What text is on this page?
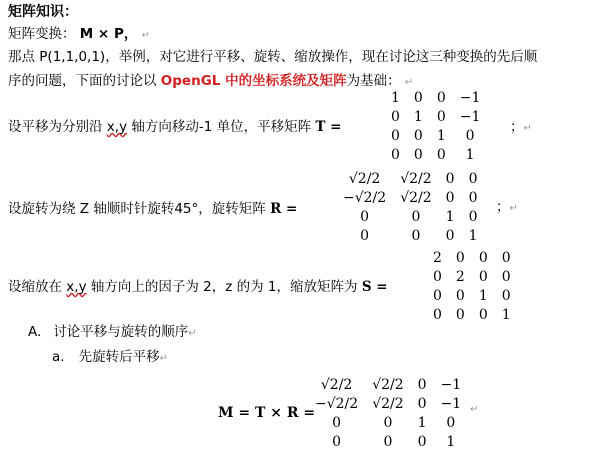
矩阵知识：
矩阵变换： M × P， ↵
那点 P(1,1,0,1)，举例，对它进行平移、旋转、缩放操作，现在讨论这三种变换的先后顺
序的问题，下面的讨论以 OpenGL 中的坐标系统及矩阵为基础： ↵
设平移为分别沿 x,y 轴方向移动-1 单位，平移矩阵 T =
1	0	0	−1
0	1	0	−1
0	0	1	0
0	0	0	1
；↵
设旋转为绕 Z 轴顺时针旋转45°，旋转矩阵 R =
√2/2	√2/2	0	0
−√2/2	√2/2	0	0
0	0	1	0
0	0	0	1
；↵
设缩放在 x,y 轴方向上的因子为 2，z 的为 1，缩放矩阵为 S =
2	0	0	0
0	2	0	0
0	0	1	0
0	0	0	1
A. 讨论平移与旋转的顺序↵
a. 先旋转后平移↵
M = T × R =
√2/2	√2/2	0	−1
−√2/2	√2/2	0	−1
0	0	1	0
0	0	0	1
↵
